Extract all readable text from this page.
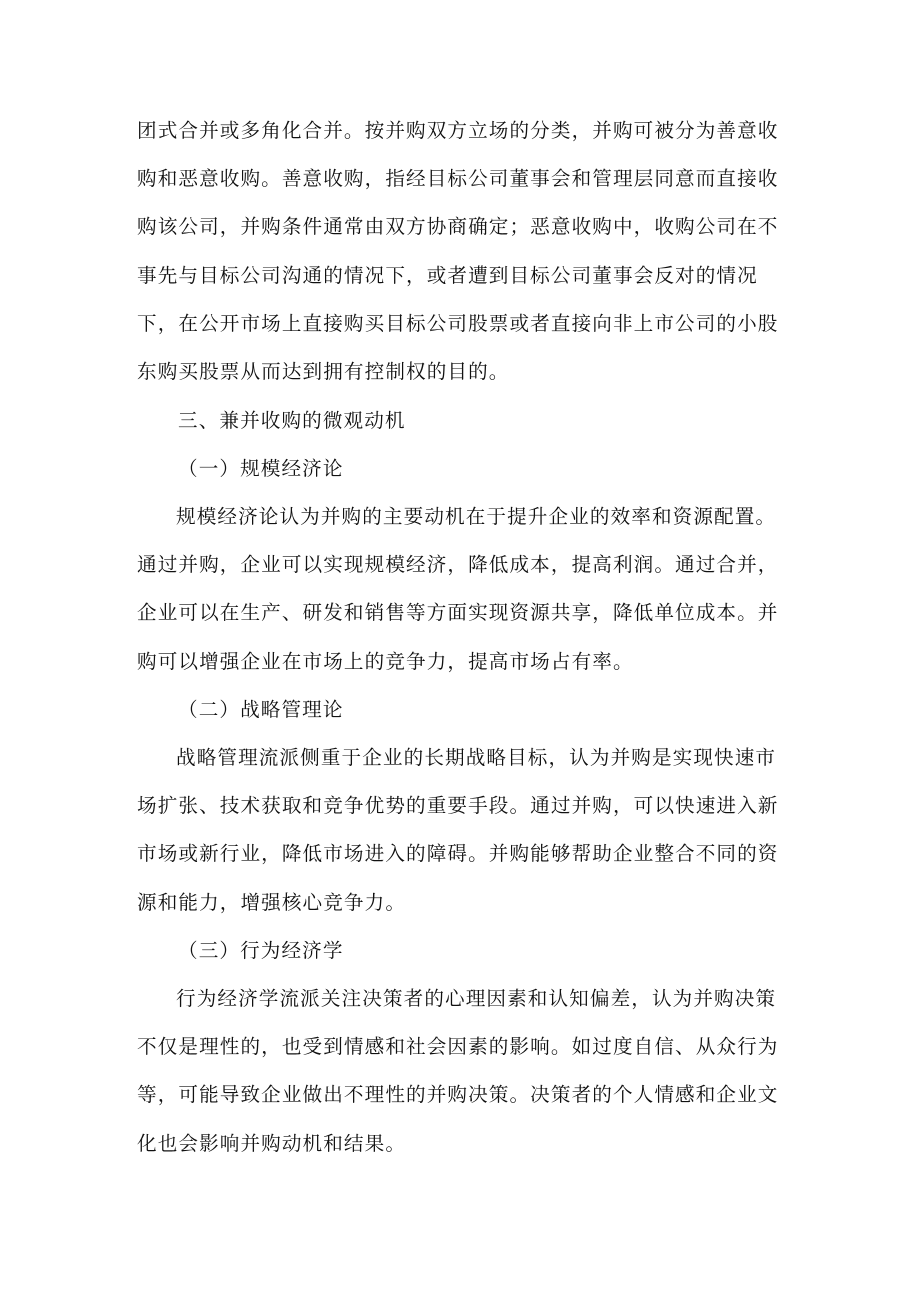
团式合并或多角化合并。按并购双方立场的分类，并购可被分为善意收购和恶意收购。善意收购，指经目标公司董事会和管理层同意而直接收购该公司，并购条件通常由双方协商确定；恶意收购中，收购公司在不事先与目标公司沟通的情况下，或者遭到目标公司董事会反对的情况下，在公开市场上直接购买目标公司股票或者直接向非上市公司的小股东购买股票从而达到拥有控制权的目的。

三、兼并收购的微观动机

（一）规模经济论

规模经济论认为并购的主要动机在于提升企业的效率和资源配置。通过并购，企业可以实现规模经济，降低成本，提高利润。通过合并，企业可以在生产、研发和销售等方面实现资源共享，降低单位成本。并购可以增强企业在市场上的竞争力，提高市场占有率。

（二）战略管理论

战略管理流派侧重于企业的长期战略目标，认为并购是实现快速市场扩张、技术获取和竞争优势的重要手段。通过并购，可以快速进入新市场或新行业，降低市场进入的障碍。并购能够帮助企业整合不同的资源和能力，增强核心竞争力。

（三）行为经济学

行为经济学流派关注决策者的心理因素和认知偏差，认为并购决策不仅是理性的，也受到情感和社会因素的影响。如过度自信、从众行为等，可能导致企业做出不理性的并购决策。决策者的个人情感和企业文化也会影响并购动机和结果。
